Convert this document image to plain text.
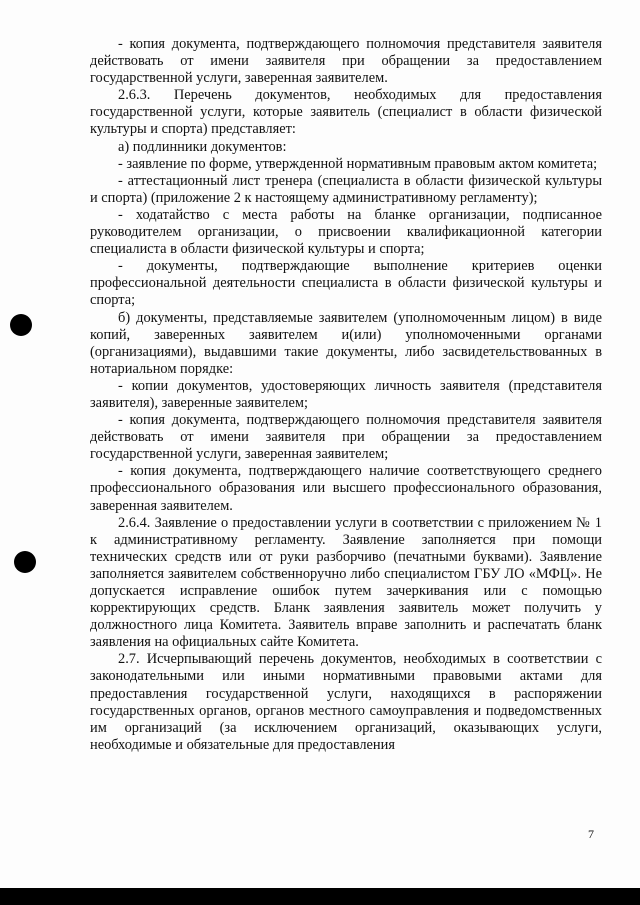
- копия документа, подтверждающего полномочия представителя заявителя действовать от имени заявителя при обращении за предоставлением государственной услуги, заверенная заявителем.

2.6.3. Перечень документов, необходимых для предоставления государственной услуги, которые заявитель (специалист в области физической культуры и спорта) представляет:

а) подлинники документов:

- заявление по форме, утвержденной нормативным правовым актом комитета;

- аттестационный лист тренера (специалиста в области физической культуры и спорта) (приложение 2 к настоящему административному регламенту);

- ходатайство с места работы на бланке организации, подписанное руководителем организации, о присвоении квалификационной категории специалиста в области физической культуры и спорта;

- документы, подтверждающие выполнение критериев оценки профессиональной деятельности специалиста в области физической культуры и спорта;

б) документы, представляемые заявителем (уполномоченным лицом) в виде копий, заверенных заявителем и(или) уполномоченными органами (организациями), выдавшими такие документы, либо засвидетельствованных в нотариальном порядке:

- копии документов, удостоверяющих личность заявителя (представителя заявителя), заверенные заявителем;

- копия документа, подтверждающего полномочия представителя заявителя действовать от имени заявителя при обращении за предоставлением государственной услуги, заверенная заявителем;

- копия документа, подтверждающего наличие соответствующего среднего профессионального образования или высшего профессионального образования, заверенная заявителем.

2.6.4. Заявление о предоставлении услуги в соответствии с приложением № 1 к административному регламенту. Заявление заполняется при помощи технических средств или от руки разборчиво (печатными буквами). Заявление заполняется заявителем собственноручно либо специалистом ГБУ ЛО «МФЦ». Не допускается исправление ошибок путем зачеркивания или с помощью корректирующих средств. Бланк заявления заявитель может получить у должностного лица Комитета. Заявитель вправе заполнить и распечатать бланк заявления на официальных сайте Комитета.

2.7. Исчерпывающий перечень документов, необходимых в соответствии с законодательными или иными нормативными правовыми актами для предоставления государственной услуги, находящихся в распоряжении государственных органов, органов местного самоуправления и подведомственных им организаций (за исключением организаций, оказывающих услуги, необходимые и обязательные для предоставления

7
